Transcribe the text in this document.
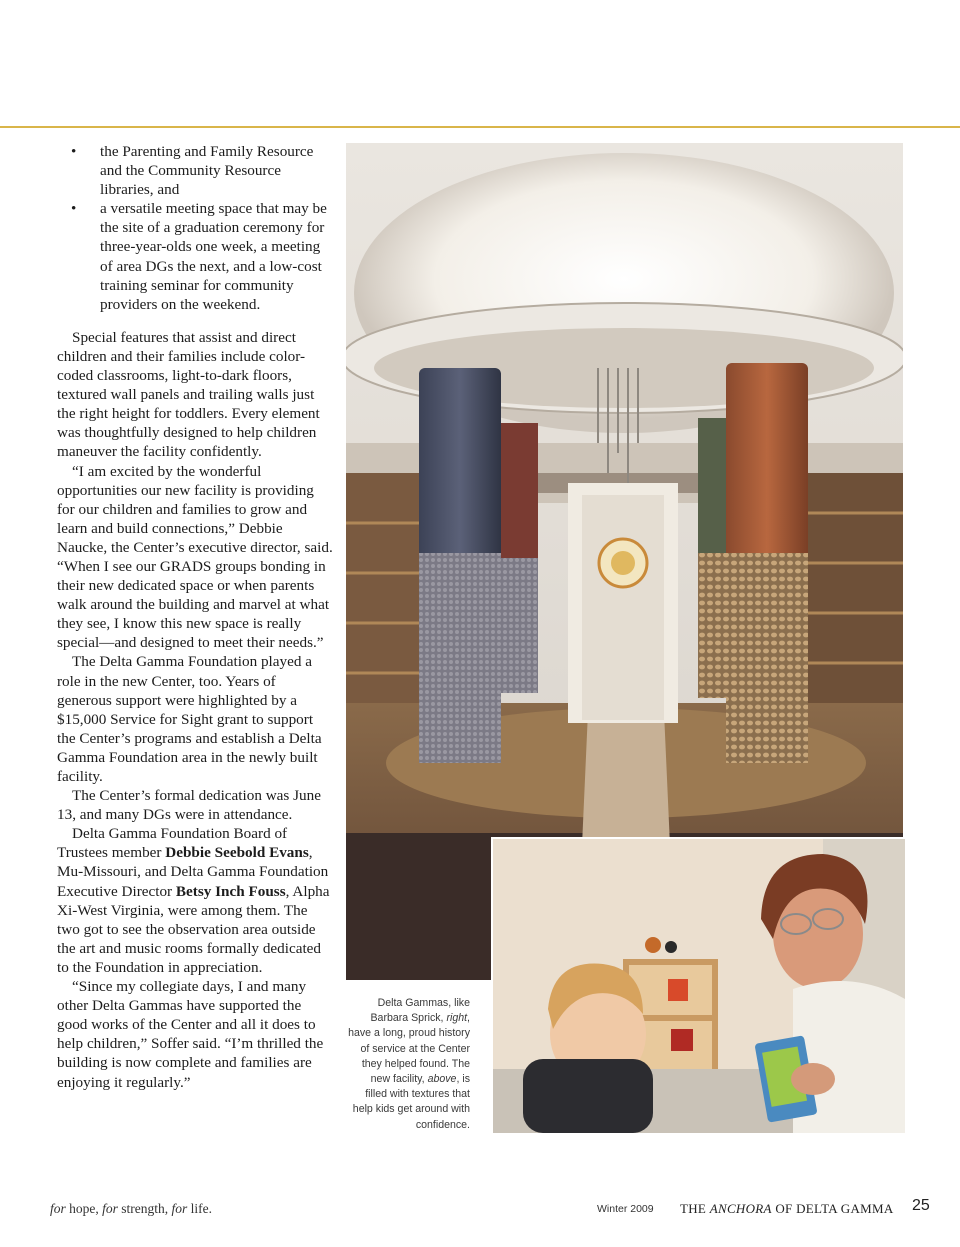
• the Parenting and Family Resource and the Community Resource libraries, and
• a versatile meeting space that may be the site of a graduation ceremony for three-year-olds one week, a meeting of area DGs the next, and a low-cost training seminar for community providers on the weekend.

Special features that assist and direct children and their families include color-coded classrooms, light-to-dark floors, textured wall panels and trailing walls just the right height for toddlers. Every element was thoughtfully designed to help children maneuver the facility confidently.

“I am excited by the wonderful opportunities our new facility is providing for our children and families to grow and learn and build connections,” Debbie Naucke, the Center’s executive director, said. “When I see our GRADS groups bonding in their new dedicated space or when parents walk around the building and marvel at what they see, I know this new space is really special—and designed to meet their needs.”

The Delta Gamma Foundation played a role in the new Center, too. Years of generous support were highlighted by a $15,000 Service for Sight grant to support the Center’s programs and establish a Delta Gamma Foundation area in the newly built facility.

The Center’s formal dedication was June 13, and many DGs were in attendance.

Delta Gamma Foundation Board of Trustees member Debbie Seebold Evans, Mu-Missouri, and Delta Gamma Foundation Executive Director Betsy Inch Fouss, Alpha Xi-West Virginia, were among them. The two got to see the observation area outside the art and music rooms formally dedicated to the Foundation in appreciation.

“Since my collegiate days, I and many other Delta Gammas have supported the good works of the Center and all it does to help children,” Soffer said. “I’m thrilled the building is now complete and families are enjoying it regularly.”

Delta Gammas, like Barbara Sprick, right, have a long, proud history of service at the Center they helped found. The new facility, above, is filled with textures that help kids get around with confidence.
for hope, for strength, for life.	Winter 2009 THE ANCHORA OF DELTA GAMMA 25
